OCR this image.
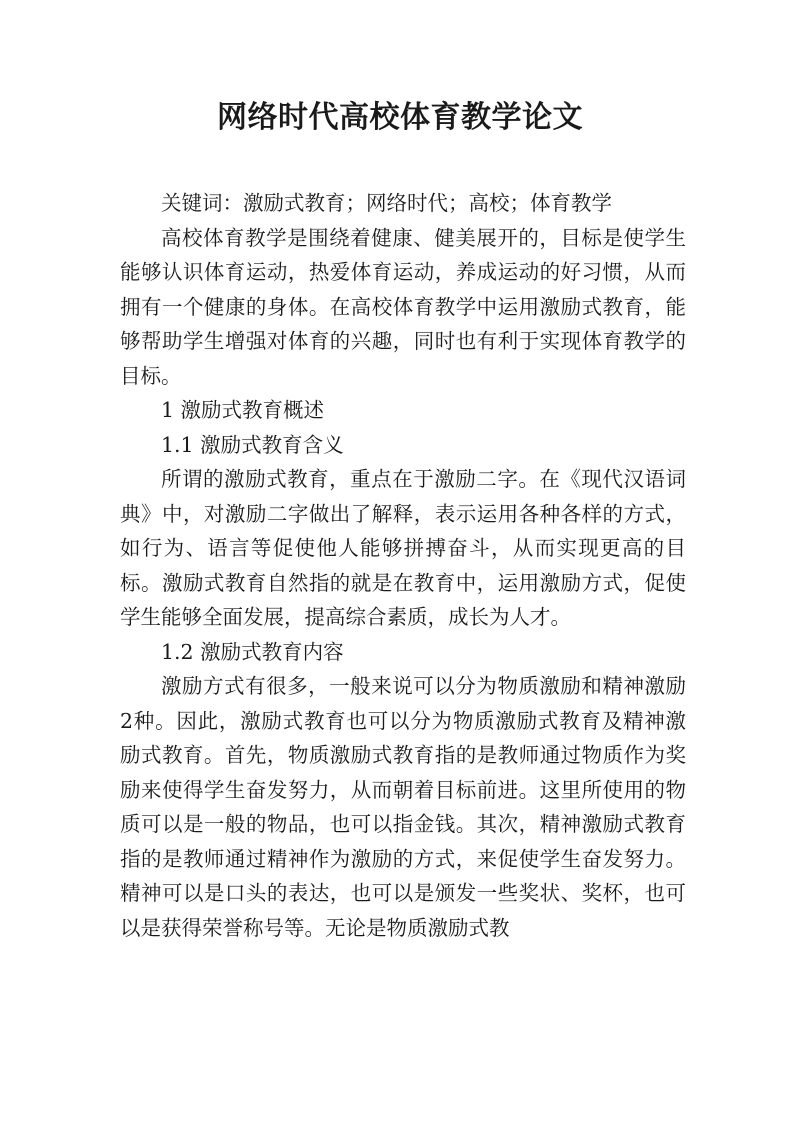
网络时代高校体育教学论文

关键词：激励式教育；网络时代；高校；体育教学

高校体育教学是围绕着健康、健美展开的，目标是使学生能够认识体育运动，热爱体育运动，养成运动的好习惯，从而拥有一个健康的身体。在高校体育教学中运用激励式教育，能够帮助学生增强对体育的兴趣，同时也有利于实现体育教学的目标。

1 激励式教育概述

1.1 激励式教育含义

所谓的激励式教育，重点在于激励二字。在《现代汉语词典》中，对激励二字做出了解释，表示运用各种各样的方式，如行为、语言等促使他人能够拼搏奋斗，从而实现更高的目标。激励式教育自然指的就是在教育中，运用激励方式，促使学生能够全面发展，提高综合素质，成长为人才。

1.2 激励式教育内容

激励方式有很多，一般来说可以分为物质激励和精神激励2种。因此，激励式教育也可以分为物质激励式教育及精神激励式教育。首先，物质激励式教育指的是教师通过物质作为奖励来使得学生奋发努力，从而朝着目标前进。这里所使用的物质可以是一般的物品，也可以指金钱。其次，精神激励式教育指的是教师通过精神作为激励的方式，来促使学生奋发努力。精神可以是口头的表达，也可以是颁发一些奖状、奖杯，也可以是获得荣誉称号等。无论是物质激励式教
